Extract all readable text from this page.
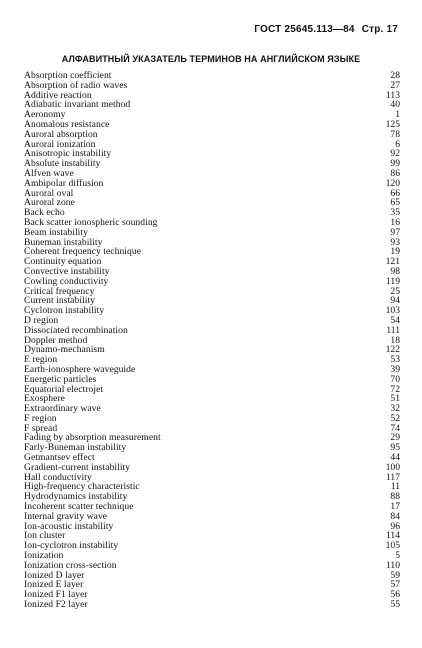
ГОСТ 25645.113—84 Стр. 17
АЛФАВИТНЫЙ УКАЗАТЕЛЬ ТЕРМИНОВ НА АНГЛИЙСКОМ ЯЗЫКЕ
Absorption coefficient	28
Absorption of radio waves	27
Additive reaction	113
Adiabatic invariant method	40
Aeronomy	1
Anomalous resistance	125
Auroral absorption	78
Auroral ionization	6
Anisotropic instability	92
Absolute instability	99
Alfven wave	86
Ambipolar diffusion	120
Auroral oval	66
Auroral zone	65
Back echo	35
Back scatter ionospheric sounding	16
Beam instability	97
Buneman instability	93
Coherent frequency technique	19
Continuity equation	121
Convective instability	98
Cowling conductivity	119
Critical frequency	25
Current instability	94
Cyclotron instability	103
D region	54
Dissociated recombination	111
Doppler method	18
Dynamo-mechanism	122
E region	53
Earth-ionosphere waveguide	39
Energetic particles	70
Equatorial electrojet	72
Exosphere	51
Extraordinary wave	32
F region	52
F spread	74
Fading by absorption measurement	29
Farly-Buneman instability	95
Getmantsev effect	44
Gradient-current instability	100
Hall conductivity	117
High-frequency characteristic	11
Hydrodynamics instability	88
Incoherent scatter technique	17
Internal gravity wave	84
Ion-acoustic instability	96
Ion cluster	114
Ion-cyclotron instability	105
Ionization	5
Ionization cross-section	110
Ionized D layer	59
Ionized E layer	57
Ionized F1 layer	56
Ionized F2 layer	55
